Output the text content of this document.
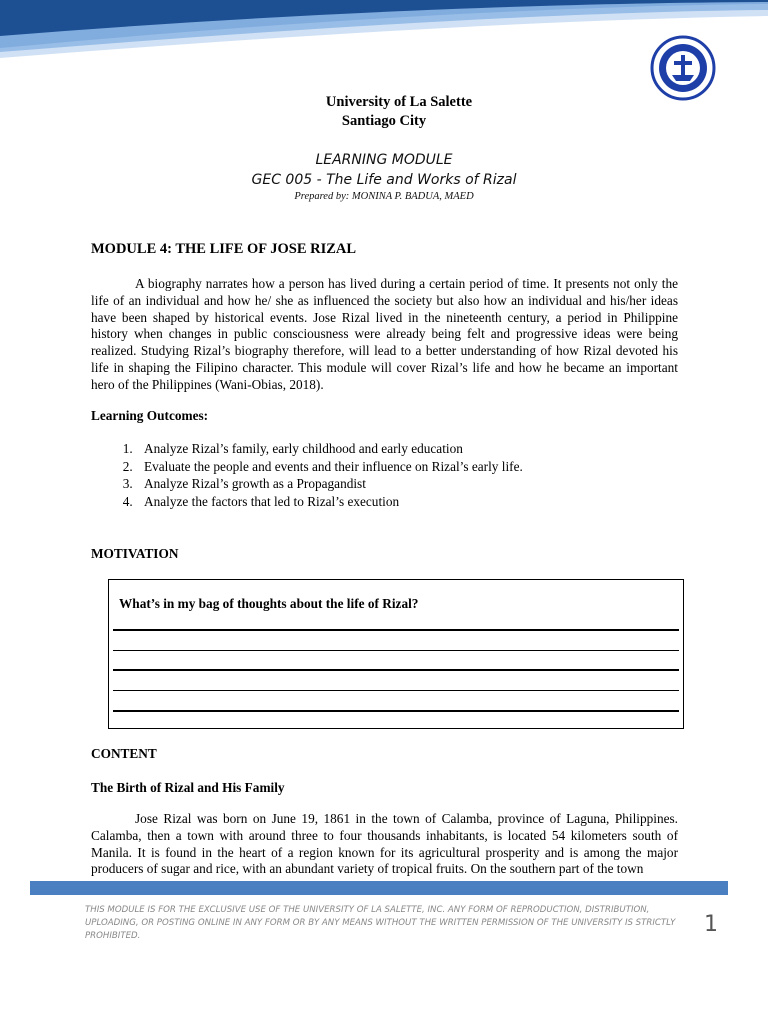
University of La Salette
Santiago City
LEARNING MODULE
GEC 005 - The Life and Works of Rizal
Prepared by: MONINA P. BADUA, MAED
MODULE 4: THE LIFE OF JOSE RIZAL

A biography narrates how a person has lived during a certain period of time. It presents not only the life of an individual and how he/ she as influenced the society but also how an individual and his/her ideas have been shaped by historical events. Jose Rizal lived in the nineteenth century, a period in Philippine history when changes in public consciousness were already being felt and progressive ideas were being realized. Studying Rizal’s biography therefore, will lead to a better understanding of how Rizal devoted his life in shaping the Filipino character. This module will cover Rizal’s life and how he became an important hero of the Philippines (Wani-Obias, 2018).

Learning Outcomes:
1. Analyze Rizal’s family, early childhood and early education
2. Evaluate the people and events and their influence on Rizal’s early life.
3. Analyze Rizal’s growth as a Propagandist
4. Analyze the factors that led to Rizal’s execution
MOTIVATION
What’s in my bag of thoughts about the life of Rizal?
CONTENT
The Birth of Rizal and His Family

Jose Rizal was born on June 19, 1861 in the town of Calamba, province of Laguna, Philippines. Calamba, then a town with around three to four thousands inhabitants, is located 54 kilometers south of Manila. It is found in the heart of a region known for its agricultural prosperity and is among the major producers of sugar and rice, with an abundant variety of tropical fruits. On the southern part of the town

THIS MODULE IS FOR THE EXCLUSIVE USE OF THE UNIVERSITY OF LA SALETTE, INC. ANY FORM OF REPRODUCTION, DISTRIBUTION, UPLOADING, OR POSTING ONLINE IN ANY FORM OR BY ANY MEANS WITHOUT THE WRITTEN PERMISSION OF THE UNIVERSITY IS STRICTLY PROHIBITED.	1
